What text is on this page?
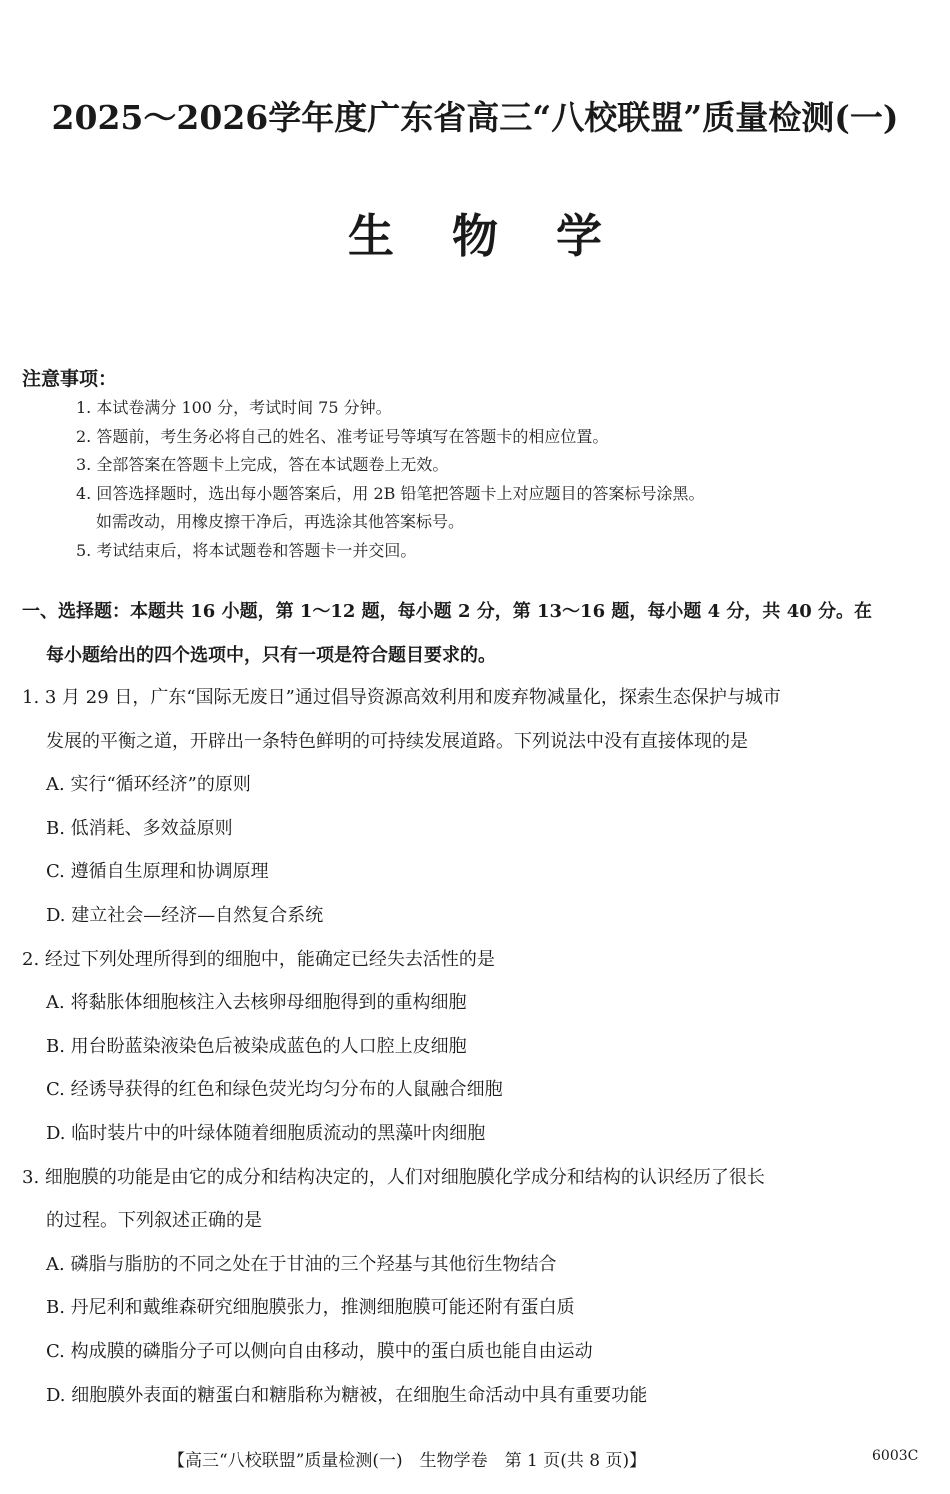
2025～2026学年度广东省高三“八校联盟”质量检测(一)
生物学
注意事项：
1. 本试卷满分 100 分，考试时间 75 分钟。
2. 答题前，考生务必将自己的姓名、准考证号等填写在答题卡的相应位置。
3. 全部答案在答题卡上完成，答在本试题卷上无效。
4. 回答选择题时，选出每小题答案后，用 2B 铅笔把答题卡上对应题目的答案标号涂黑。
如需改动，用橡皮擦干净后，再选涂其他答案标号。
5. 考试结束后，将本试题卷和答题卡一并交回。
一、选择题：本题共 16 小题，第 1～12 题，每小题 2 分，第 13～16 题，每小题 4 分，共 40 分。在
每小题给出的四个选项中，只有一项是符合题目要求的。
1. 3 月 29 日，广东“国际无废日”通过倡导资源高效利用和废弃物减量化，探索生态保护与城市
发展的平衡之道，开辟出一条特色鲜明的可持续发展道路。下列说法中没有直接体现的是
A. 实行“循环经济”的原则
B. 低消耗、多效益原则
C. 遵循自生原理和协调原理
D. 建立社会—经济—自然复合系统
2. 经过下列处理所得到的细胞中，能确定已经失去活性的是
A. 将黏胀体细胞核注入去核卵母细胞得到的重构细胞
B. 用台盼蓝染液染色后被染成蓝色的人口腔上皮细胞
C. 经诱导获得的红色和绿色荧光均匀分布的人鼠融合细胞
D. 临时装片中的叶绿体随着细胞质流动的黑藻叶肉细胞
3. 细胞膜的功能是由它的成分和结构决定的，人们对细胞膜化学成分和结构的认识经历了很长
的过程。下列叙述正确的是
A. 磷脂与脂肪的不同之处在于甘油的三个羟基与其他衍生物结合
B. 丹尼利和戴维森研究细胞膜张力，推测细胞膜可能还附有蛋白质
C. 构成膜的磷脂分子可以侧向自由移动，膜中的蛋白质也能自由运动
D. 细胞膜外表面的糖蛋白和糖脂称为糖被，在细胞生命活动中具有重要功能
【高三“八校联盟”质量检测(一)　生物学卷　第 1 页(共 8 页)】	6003C
